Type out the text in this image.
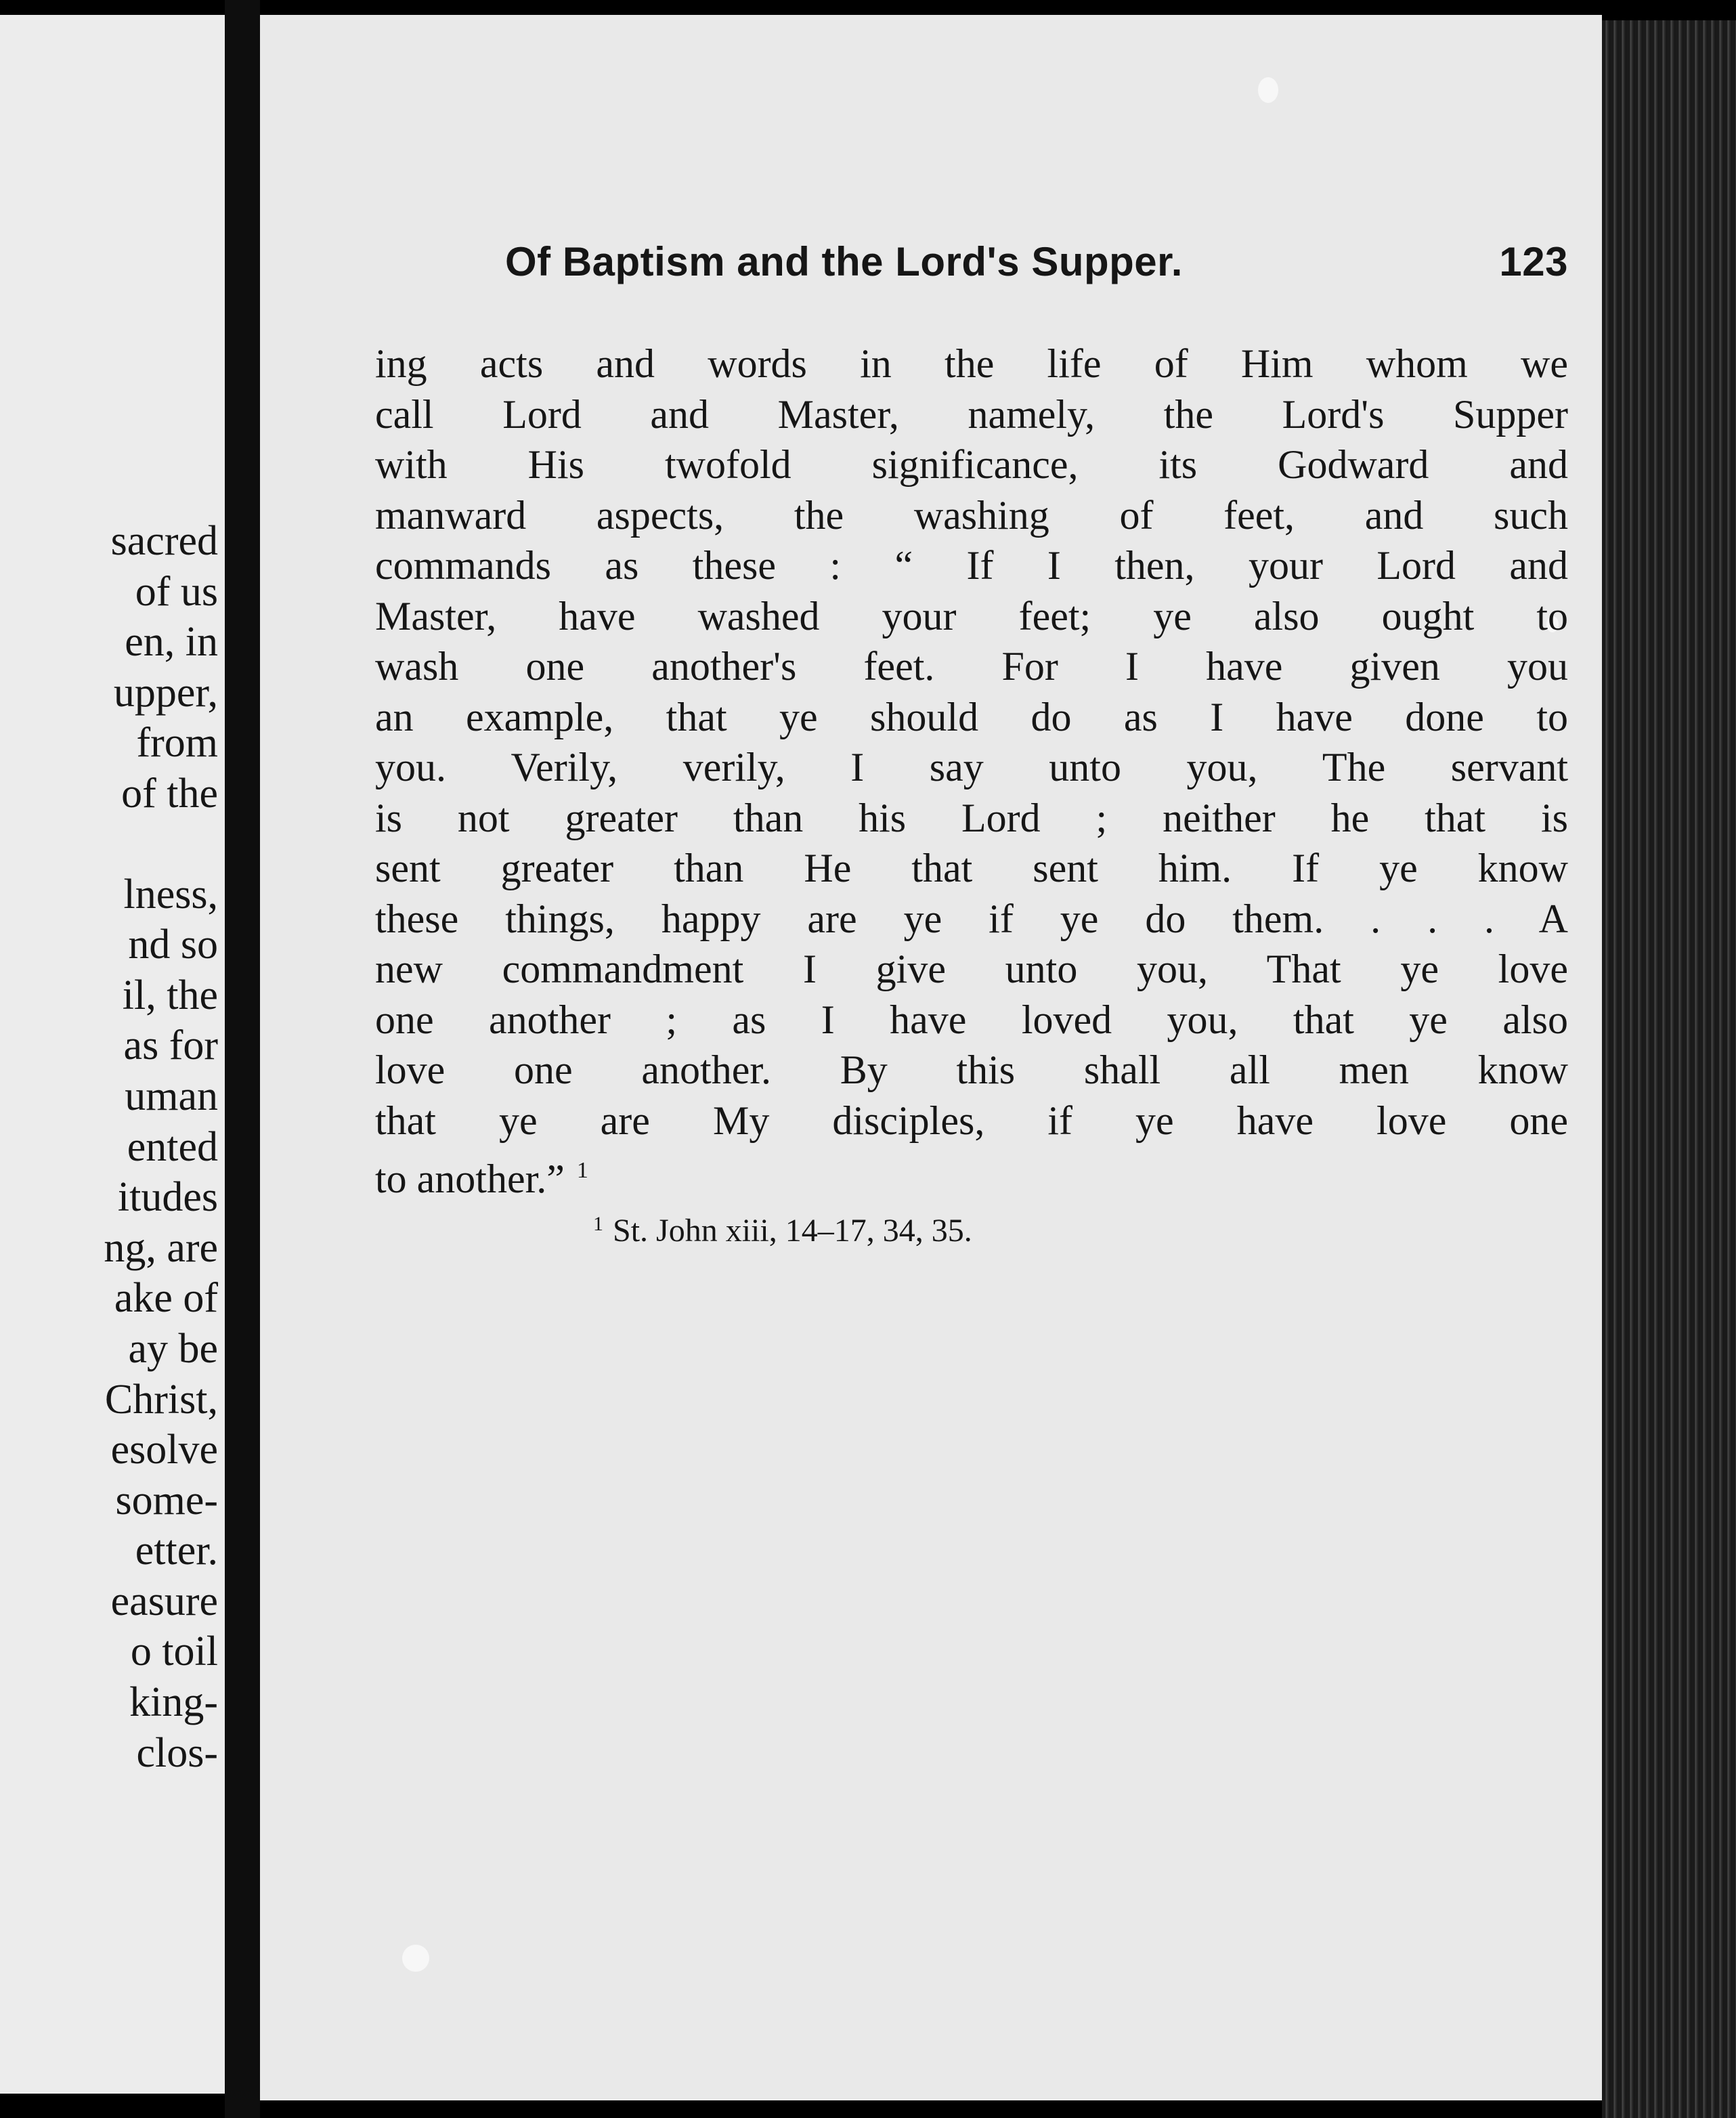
sacred
of us
en, in
upper,
from
of the
lness,
nd so
il, the
as for
uman
ented
itudes
ng, are
ake of
ay be
Christ,
esolve
some-
etter.
easure
o toil
king-
clos-
Of Baptism and the Lord's Supper.	123
ing acts and words in the life of Him whom we
call Lord and Master, namely, the Lord's Supper
with His twofold significance, its Godward and
manward aspects, the washing of feet, and such
commands as these : “ If I then, your Lord and
Master, have washed your feet; ye also ought to
wash one another's feet. For I have given you
an example, that ye should do as I have done to
you. Verily, verily, I say unto you, The servant
is not greater than his Lord ; neither he that is
sent greater than He that sent him. If ye know
these things, happy are ye if ye do them. . . . A
new commandment I give unto you, That ye love
one another ; as I have loved you, that ye also
love one another. By this shall all men know
that ye are My disciples, if ye have love one
to another.” $^1$
$^1$ St. John xiii, 14–17, 34, 35.
